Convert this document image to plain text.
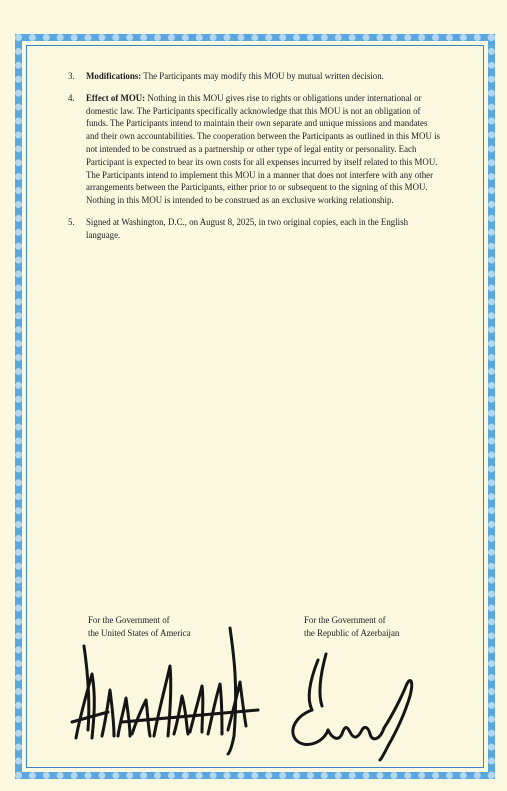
3.	Modifications: The Participants may modify this MOU by mutual written decision.
4.	Effect of MOU: Nothing in this MOU gives rise to rights or obligations under international or domestic law. The Participants specifically acknowledge that this MOU is not an obligation of funds. The Participants intend to maintain their own separate and unique missions and mandates and their own accountabilities. The cooperation between the Participants as outlined in this MOU is not intended to be construed as a partnership or other type of legal entity or personality. Each Participant is expected to bear its own costs for all expenses incurred by itself related to this MOU. The Participants intend to implement this MOU in a manner that does not interfere with any other arrangements between the Participants, either prior to or subsequent to the signing of this MOU. Nothing in this MOU is intended to be construed as an exclusive working relationship.
5.	Signed at Washington, D.C., on August 8, 2025, in two original copies, each in the English language.
For the Government of
the United States of America
For the Government of
the Republic of Azerbaijan
